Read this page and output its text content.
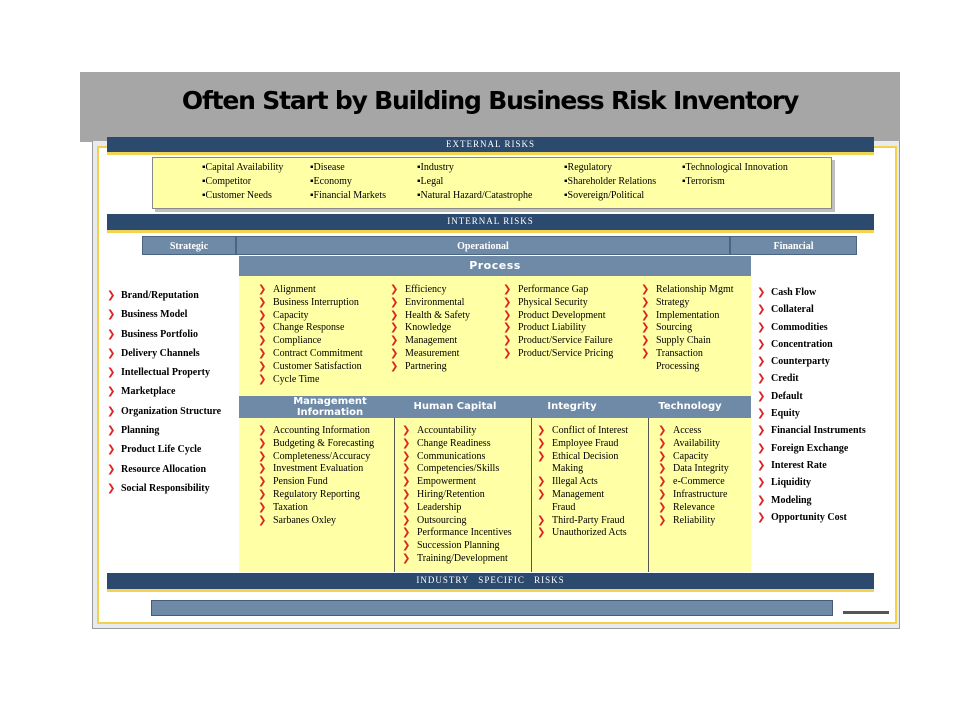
Often Start by Building Business Risk Inventory
EXTERNAL RISKS
▪Capital Availability
▪Competitor
▪Customer Needs
▪Disease
▪Economy
▪Financial Markets
▪Industry
▪Legal
▪Natural Hazard/Catastrophe
▪Regulatory
▪Shareholder Relations
▪Sovereign/Political
▪Technological Innovation
▪Terrorism
INTERNAL RISKS
Strategic	Operational	Financial
Process
❯ Alignment
❯ Business Interruption
❯ Capacity
❯ Change Response
❯ Compliance
❯ Contract Commitment
❯ Customer Satisfaction
❯ Cycle Time
❯ Efficiency
❯ Environmental
❯ Health & Safety
❯ Knowledge
❯ Management
❯ Measurement
❯ Partnering
❯ Performance Gap
❯ Physical Security
❯ Product Development
❯ Product Liability
❯ Product/Service Failure
❯ Product/Service Pricing
❯ Relationship Mgmt
❯ Strategy
❯ Implementation
❯ Sourcing
❯ Supply Chain
❯ Transaction Processing
Management Information	Human Capital	Integrity	Technology
❯ Accounting Information
❯ Budgeting & Forecasting
❯ Completeness/Accuracy
❯ Investment Evaluation
❯ Pension Fund
❯ Regulatory Reporting
❯ Taxation
❯ Sarbanes Oxley
❯ Accountability
❯ Change Readiness
❯ Communications
❯ Competencies/Skills
❯ Empowerment
❯ Hiring/Retention
❯ Leadership
❯ Outsourcing
❯ Performance Incentives
❯ Succession Planning
❯ Training/Development
❯ Conflict of Interest
❯ Employee Fraud
❯ Ethical Decision Making
❯ Illegal Acts
❯ Management Fraud
❯ Third-Party Fraud
❯ Unauthorized Acts
❯ Access
❯ Availability
❯ Capacity
❯ Data Integrity
❯ e-Commerce
❯ Infrastructure
❯ Relevance
❯ Reliability
❯ Brand/Reputation
❯ Business Model
❯ Business Portfolio
❯ Delivery Channels
❯ Intellectual Property
❯ Marketplace
❯ Organization Structure
❯ Planning
❯ Product Life Cycle
❯ Resource Allocation
❯ Social Responsibility
❯ Cash Flow
❯ Collateral
❯ Commodities
❯ Concentration
❯ Counterparty
❯ Credit
❯ Default
❯ Equity
❯ Financial Instruments
❯ Foreign Exchange
❯ Interest Rate
❯ Liquidity
❯ Modeling
❯ Opportunity Cost
INDUSTRY SPECIFIC RISKS
